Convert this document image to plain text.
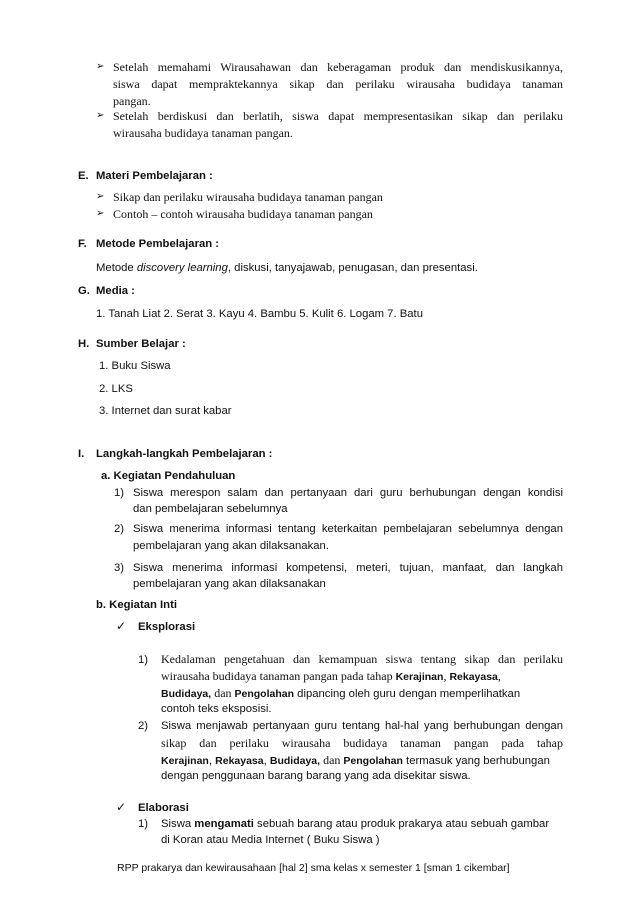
➢ Setelah memahami Wirausahawan dan keberagaman produk dan mendiskusikannya,
siswa dapat mempraktekannya sikap dan perilaku wirausaha budidaya tanaman
pangan.
➢ Setelah berdiskusi dan berlatih, siswa dapat mempresentasikan sikap dan perilaku
wirausaha budidaya tanaman pangan.
E. Materi Pembelajaran :
➢ Sikap dan perilaku wirausaha budidaya tanaman pangan
➢ Contoh – contoh wirausaha budidaya tanaman pangan
F. Metode Pembelajaran :
Metode discovery learning, diskusi, tanyajawab, penugasan, dan presentasi.
G. Media :
1. Tanah Liat 2. Serat 3. Kayu 4. Bambu 5. Kulit 6. Logam 7. Batu
H. Sumber Belajar :
1. Buku Siswa
2. LKS
3. Internet dan surat kabar
I. Langkah-langkah Pembelajaran :
a. Kegiatan Pendahuluan
1) Siswa merespon salam dan pertanyaan dari guru berhubungan dengan kondisi
dan pembelajaran sebelumnya
2) Siswa menerima informasi tentang keterkaitan pembelajaran sebelumnya dengan
pembelajaran yang akan dilaksanakan.
3) Siswa menerima informasi kompetensi, meteri, tujuan, manfaat, dan langkah
pembelajaran yang akan dilaksanakan
b. Kegiatan Inti
✓ Eksplorasi
1) Kedalaman pengetahuan dan kemampuan siswa tentang sikap dan perilaku
wirausaha budidaya tanaman pangan pada tahap Kerajinan, Rekayasa,
Budidaya, dan Pengolahan dipancing oleh guru dengan memperlihatkan
contoh teks eksposisi.
2) Siswa menjawab pertanyaan guru tentang hal-hal yang berhubungan dengan
sikap dan perilaku wirausaha budidaya tanaman pangan pada tahap
Kerajinan, Rekayasa, Budidaya, dan Pengolahan termasuk yang berhubungan
dengan penggunaan barang barang yang ada disekitar siswa.
✓ Elaborasi
1) Siswa mengamati sebuah barang atau produk prakarya atau sebuah gambar
di Koran atau Media Internet ( Buku Siswa )
RPP prakarya dan kewirausahaan [hal 2] sma kelas x semester 1 [sman 1 cikembar]
